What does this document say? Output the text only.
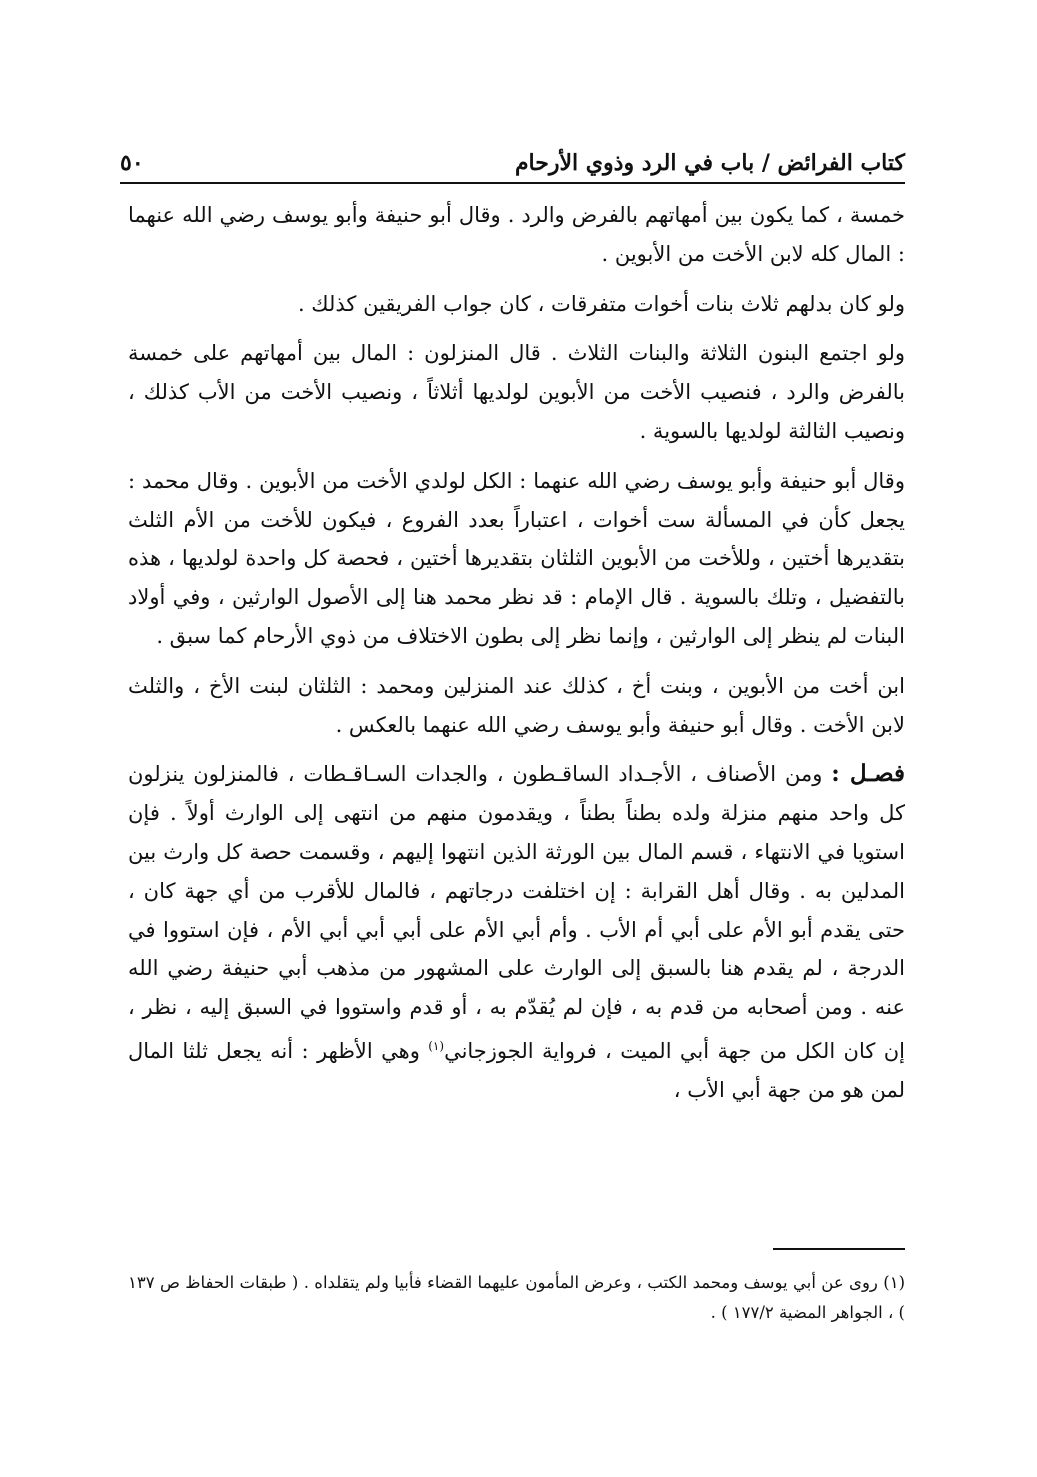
كتاب الفرائض / باب في الرد وذوي الأرحام
٥٠

خمسة ، كما يكون بين أمهاتهم بالفرض والرد . وقال أبو حنيفة وأبو يوسف رضي الله عنهما : المال كله لابن الأخت من الأبوين .

ولو كان بدلهم ثلاث بنات أخوات متفرقات ، كان جواب الفريقين كذلك .

ولو اجتمع البنون الثلاثة والبنات الثلاث . قال المنزلون : المال بين أمهاتهم على خمسة بالفرض والرد ، فنصيب الأخت من الأبوين لولديها أثلاثاً ، ونصيب الأخت من الأب كذلك ، ونصيب الثالثة لولديها بالسوية .

وقال أبو حنيفة وأبو يوسف رضي الله عنهما : الكل لولدي الأخت من الأبوين . وقال محمد : يجعل كأن في المسألة ست أخوات ، اعتباراً بعدد الفروع ، فيكون للأخت من الأم الثلث بتقديرها أختين ، وللأخت من الأبوين الثلثان بتقديرها أختين ، فحصة كل واحدة لولديها ، هذه بالتفضيل ، وتلك بالسوية . قال الإمام : قد نظر محمد هنا إلى الأصول الوارثين ، وفي أولاد البنات لم ينظر إلى الوارثين ، وإنما نظر إلى بطون الاختلاف من ذوي الأرحام كما سبق .

ابن أخت من الأبوين ، وبنت أخ ، كذلك عند المنزلين ومحمد : الثلثان لبنت الأخ ، والثلث لابن الأخت . وقال أبو حنيفة وأبو يوسف رضي الله عنهما بالعكس .

فصـل : ومن الأصناف ، الأجـداد الساقـطون ، والجدات السـاقـطات ، فالمنزلون ينزلون كل واحد منهم منزلة ولده بطناً بطناً ، ويقدمون منهم من انتهى إلى الوارث أولاً . فإن استويا في الانتهاء ، قسم المال بين الورثة الذين انتهوا إليهم ، وقسمت حصة كل وارث بين المدلين به . وقال أهل القرابة : إن اختلفت درجاتهم ، فالمال للأقرب من أي جهة كان ، حتى يقدم أبو الأم على أبي أم الأب . وأم أبي الأم على أبي أبي أبي الأم ، فإن استووا في الدرجة ، لم يقدم هنا بالسبق إلى الوارث على المشهور من مذهب أبي حنيفة رضي الله عنه . ومن أصحابه من قدم به ، فإن لم يُقدّم به ، أو قدم واستووا في السبق إليه ، نظر ، إن كان الكل من جهة أبي الميت ، فرواية الجوزجاني$^{(١)}$ وهي الأظهر : أنه يجعل ثلثا المال لمن هو من جهة أبي الأب ،

(١) روى عن أبي يوسف ومحمد الكتب ، وعرض المأمون عليهما القضاء فأبيا ولم يتقلداه . ( طبقات الحفاظ ص ١٣٧ ) ، الجواهر المضية ١٧٧/٢ ) .
